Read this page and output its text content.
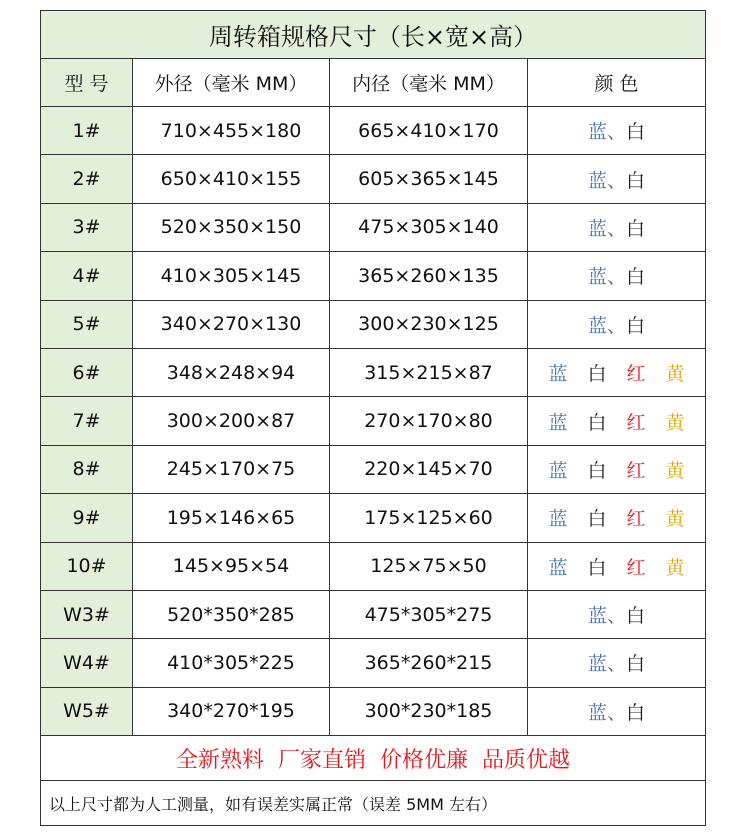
周转箱规格尺寸（长×宽×高）			
型 号	外径（毫米 MM）	内径（毫米 MM）	颜 色
1#	710×455×180	665×410×170	蓝、白
2#	650×410×155	605×365×145	蓝、白
3#	520×350×150	475×305×140	蓝、白
4#	410×305×145	365×260×135	蓝、白
5#	340×270×130	300×230×125	蓝、白
6#	348×248×94	315×215×87	蓝 白 红 黄

7#	300×200×87	270×170×80	蓝 白 红 黄

8#	245×170×75	220×145×70	蓝 白 红 黄

9#	195×146×65	175×125×60	蓝 白 红 黄

10#	145×95×54	125×75×50	蓝 白 红 黄

W3#	520*350*285	475*305*275	蓝、白
W4#	410*305*225	365*260*215	蓝、白
W5#	340*270*195	300*230*185	蓝、白
全新熟料  厂家直销  价格优廉  品质优越			
以上尺寸都为人工测量，如有误差实属正常（误差 5MM 左右）			
